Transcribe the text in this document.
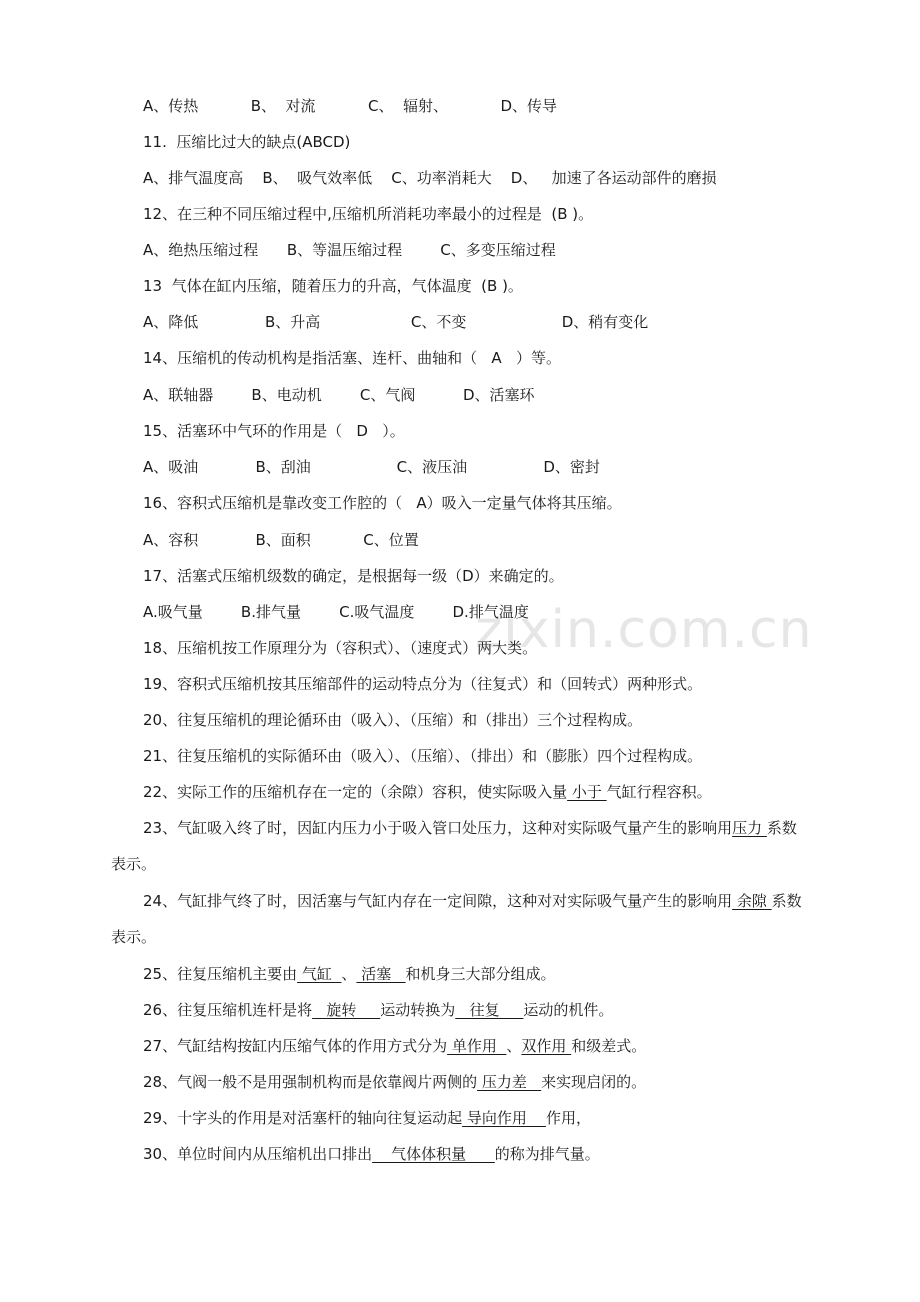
zixin.com.cn
A、传热           B、  对流           C、  辐射、           D、传导
11.  压缩比过大的缺点(ABCD)
A、排气温度高    B、  吸气效率低    C、功率消耗大    D、   加速了各运动部件的磨损
12、在三种不同压缩过程中,压缩机所消耗功率最小的过程是  (B )。
A、绝热压缩过程      B、等温压缩过程        C、多变压缩过程
13  气体在缸内压缩，随着压力的升高，气体温度  (B )。
A、降低              B、升高                   C、不变                    D、稍有变化
14、压缩机的传动机构是指活塞、连杆、曲轴和（   A   ）等。
A、联轴器        B、电动机        C、气阀          D、活塞环
15、活塞环中气环的作用是（   D   ）。
A、吸油            B、刮油                  C、液压油                D、密封
16、容积式压缩机是靠改变工作腔的（   A）吸入一定量气体将其压缩。
A、容积            B、面积           C、位置
17、活塞式压缩机级数的确定，是根据每一级（D）来确定的。
A.吸气量        B.排气量        C.吸气温度        D.排气温度
18、压缩机按工作原理分为（容积式）、（速度式）两大类。
19、容积式压缩机按其压缩部件的运动特点分为（往复式）和（回转式）两种形式。
20、往复压缩机的理论循环由（吸入）、（压缩）和（排出）三个过程构成。
21、往复压缩机的实际循环由（吸入）、（压缩）、（排出）和（膨胀）四个过程构成。
22、实际工作的压缩机存在一定的（余隙）容积，使实际吸入量 小于 气缸行程容积。
23、气缸吸入终了时，因缸内压力小于吸入管口处压力，这种对实际吸气量产生的影响用压力 系数表示。
24、气缸排气终了时，因活塞与气缸内存在一定间隙，这种对对实际吸气量产生的影响用 余隙 系数表示。
25、往复压缩机主要由 气缸  、 活塞   和机身三大部分组成。
26、往复压缩机连杆是将   旋转     运动转换为   往复     运动的机件。
27、气缸结构按缸内压缩气体的作用方式分为 单作用  、双作用 和级差式。
28、气阀一般不是用强制机构而是依靠阀片两侧的 压力差   来实现启闭的。
29、十字头的作用是对活塞杆的轴向往复运动起 导向作用    作用，
30、单位时间内从压缩机出口排出    气体体积量      的称为排气量。
